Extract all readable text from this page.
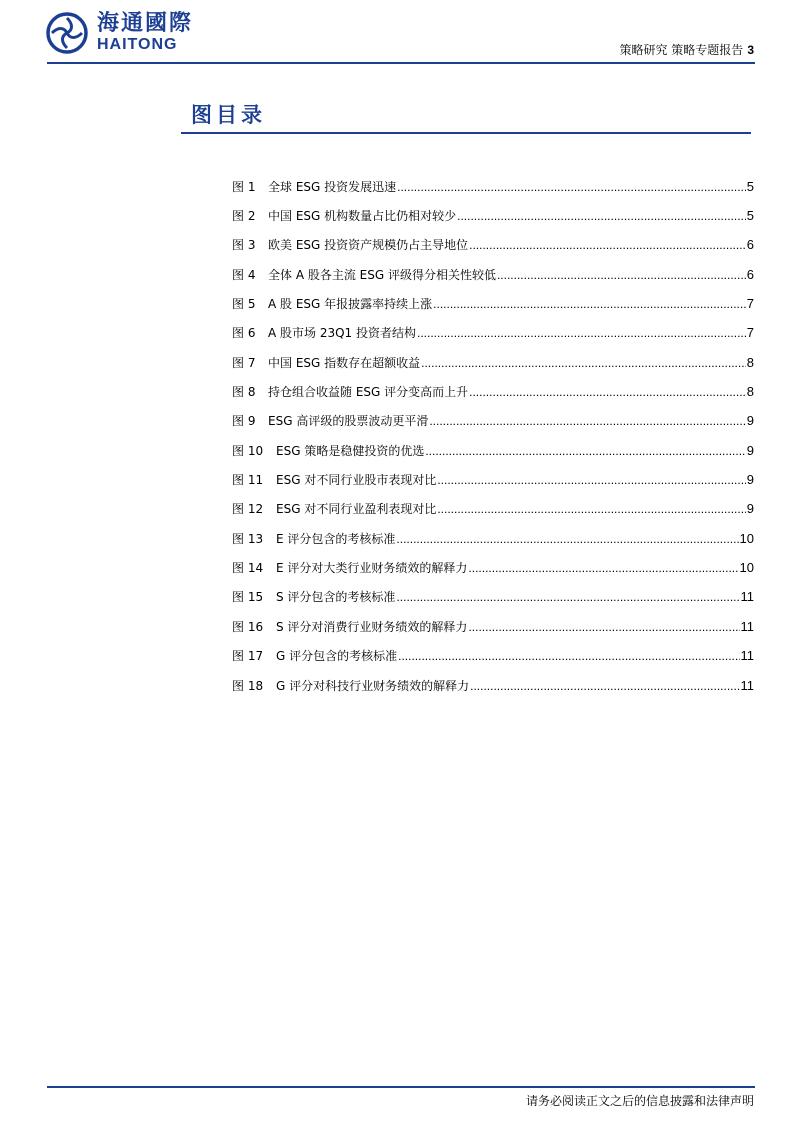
海通國際
HAITONG	策略研究 策略专题报告 3
图目录
图 1	全球 ESG 投资发展迅速 .....	5
图 2	中国 ESG 机构数量占比仍相对较少 .....	5
图 3	欧美 ESG 投资资产规模仍占主导地位 .....	6
图 4	全体 A 股各主流 ESG 评级得分相关性较低 .....	6
图 5	A 股 ESG 年报披露率持续上涨 .....	7
图 6	A 股市场 23Q1 投资者结构 .....	7
图 7	中国 ESG 指数存在超额收益 .....	8
图 8	持仓组合收益随 ESG 评分变高而上升 .....	8
图 9	ESG 高评级的股票波动更平滑 .....	9
图 10	ESG 策略是稳健投资的优选 .....	9
图 11	ESG 对不同行业股市表现对比 .....	9
图 12	ESG 对不同行业盈利表现对比 .....	9
图 13	E 评分包含的考核标准 .....	10
图 14	E 评分对大类行业财务绩效的解释力 .....	10
图 15	S 评分包含的考核标准 .....	11
图 16	S 评分对消费行业财务绩效的解释力 .....	11
图 17	G 评分包含的考核标准 .....	11
图 18	G 评分对科技行业财务绩效的解释力 .....	11
请务必阅读正文之后的信息披露和法律声明
